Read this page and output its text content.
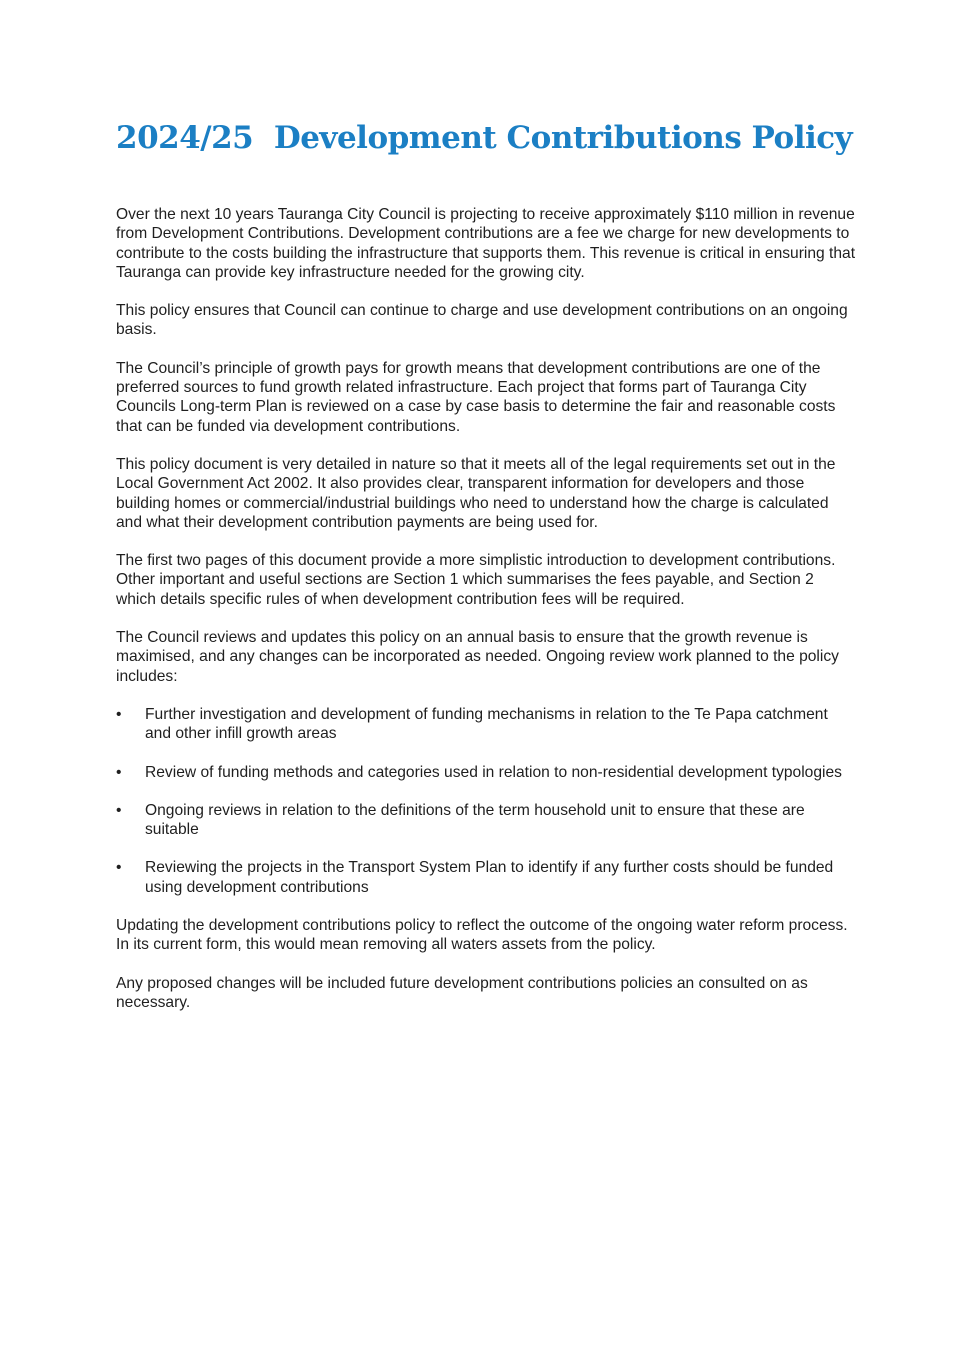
2024/25  Development Contributions Policy

Over the next 10 years Tauranga City Council is projecting to receive approximately $110 million in revenue from Development Contributions. Development contributions are a fee we charge for new developments to contribute to the costs building the infrastructure that supports them. This revenue is critical in ensuring that Tauranga can provide key infrastructure needed for the growing city.

This policy ensures that Council can continue to charge and use development contributions on an ongoing basis.

The Council’s principle of growth pays for growth means that development contributions are one of the preferred sources to fund growth related infrastructure. Each project that forms part of Tauranga City Councils Long-term Plan is reviewed on a case by case basis to determine the fair and reasonable costs that can be funded via development contributions.

This policy document is very detailed in nature so that it meets all of the legal requirements set out in the Local Government Act 2002. It also provides clear, transparent information for developers and those building homes or commercial/industrial buildings who need to understand how the charge is calculated and what their development contribution payments are being used for.

The first two pages of this document provide a more simplistic introduction to development contributions. Other important and useful sections are Section 1 which summarises the fees payable, and Section 2 which details specific rules of when development contribution fees will be required.

The Council reviews and updates this policy on an annual basis to ensure that the growth revenue is maximised, and any changes can be incorporated as needed. Ongoing review work planned to the policy includes:

•	Further investigation and development of funding mechanisms in relation to the Te Papa catchment and other infill growth areas
•	Review of funding methods and categories used in relation to non-residential development typologies
•	Ongoing reviews in relation to the definitions of the term household unit to ensure that these are suitable
•	Reviewing the projects in the Transport System Plan to identify if any further costs should be funded using development contributions

Updating the development contributions policy to reflect the outcome of the ongoing water reform process. In its current form, this would mean removing all waters assets from the policy.

Any proposed changes will be included future development contributions policies an consulted on as necessary.
